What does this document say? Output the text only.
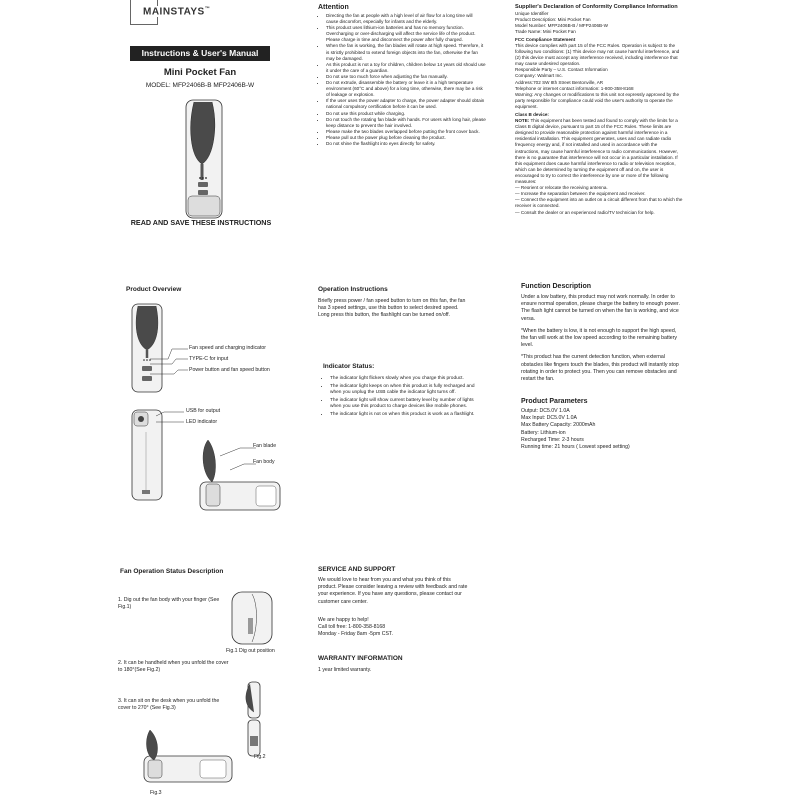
MAINSTAYS™
Instructions & User's Manual
Mini Pocket Fan
MODEL: MFP2406B-B MFP2406B-W
READ AND SAVE THESE INSTRUCTIONS
Attention
• Directing the fan at people with a high level of air flow for a long time will cause discomfort, especially for infants and the elderly.
• This product uses lithium-ion batteries and has no memory function. Overcharging or over-discharging will affect the service life of the product. Please charge in time and disconnect the power after fully charged.
• When the fan is working, the fan blades will rotate at high speed. Therefore, it is strictly prohibited to extend foreign objects into the fan, otherwise the fan may be damaged.
• As this product is not a toy for children, children below 14 years old should use it under the care of a guardian.
• Do not use too much force when adjusting the fan manually.
• Do not extrude, disassemble the battery or leave it in a high temperature environment (60°C and above) for a long time, otherwise, there may be a risk of leakage or explosion.
• If the user uses the power adapter to charge, the power adapter should obtain national compulsory certification before it can be used.
• Do not use this product while charging.
• Do not touch the rotating fan blade with hands. For users with long hair, please keep distance to prevent the hair involved.
• Please make the two blades overlapped before putting the front cover back.
• Please pull out the power plug before cleaning the product.
• Do not shine the flashlight into eyes directly for safety.
Supplier's Declaration of Conformity Compliance Information
Unique Identifier
Product Description: Mini Pocket Fan
Model Number: MFP2406B-B / MFP2406B-W
Trade Name: Mini Pocket Fan
FCC Compliance Statement
This device complies with part 15 of the FCC Rules. Operation is subject to the following two conditions: (1) This device may not cause harmful interference, and (2) this device must accept any interference received, including interference that may cause undesired operation.
Responsible Party – U.S. Contact Information
Company: Walmart Inc.
Address:702 SW 8th Street Bentonville, AR
Telephone or internet contact information: 1-800-358-8168
Warning: Any changes or modifications to this unit not expressly approved by the party responsible for compliance could void the user's authority to operate the equipment.
Class B device:
NOTE: This equipment has been tested and found to comply with the limits for a Class B digital device, pursuant to part 15 of the FCC Rules. These limits are designed to provide reasonable protection against harmful interference in a residential installation. This equipment generates, uses and can radiate radio frequency energy and, if not installed and used in accordance with the instructions, may cause harmful interference to radio communications. However, there is no guarantee that interference will not occur in a particular installation. If this equipment does cause harmful interference to radio or television reception, which can be determined by turning the equipment off and on, the user is encouraged to try to correct the interference by one or more of the following measures:
— Reorient or relocate the receiving antenna.
— Increase the separation between the equipment and receiver.
— Connect the equipment into an outlet on a circuit different from that to which the receiver is connected.
— Consult the dealer or an experienced radio/TV technician for help.
Product Overview
Fan speed and charging indicator
TYPE-C for input
Power button and fan speed button
USB for output
LED indicator
Fan blade
Fan body
Operation Instructions
Briefly press power / fan speed button to turn on this fan, the fan has 3 speed settings, use this button to select desired speed.
Long press this button, the flashlight can be turned on/off.
Indicator Status:
• The indicator light flickers slowly when you charge this product.
• The indicator light keeps on when this product is fully recharged and when you unplug the USB cable the indicator light turns off.
• The indicator light will show current battery level by number of lights when you use this product to charge devices like mobile phones.
• The indicator light is not on when this product is work as a flashlight.
Function Description
Under a low battery, this product may not work normally. In order to ensure normal operation, please charge the battery to enough power. The flash light cannot be turned on when the fan is working, and vice versa.
*When the battery is low, it is not enough to support the high speed, the fan will work at the low speed according to the remaining battery level.
*This product has the current detection function, when external obstacles like fingers touch the blades, this product will instantly stop rotating in order to protect you. Then you can remove obstacles and restart the fan.
Product Parameters
Output: DC5.0V 1.0A
Max Input: DC5.0V 1.0A
Max Battery Capacity: 2000mAh
Battery: Lithium-ion
Recharged Time: 2-3 hours
Running time: 21 hours ( Lowest speed setting)
Fan Operation Status Description
1. Dig out the fan body with your finger (See Fig.1)
2. It can be handheld when you unfold the cover to 180°(See Fig.2)
3. It can sit on the desk when you unfold the cover to 270° (See Fig.3)
Fig.1 Dig out position
Fig.2
Fig.3
SERVICE AND SUPPORT
We would love to hear from you and what you think of this product. Please consider leaving a review with feedback and rate your experience. If you have any questions, please contact our customer care center.
We are happy to help!
Call toll free: 1-800-358-8168
Monday - Friday 8am -5pm CST.
WARRANTY INFORMATION
1 year limited warranty.
